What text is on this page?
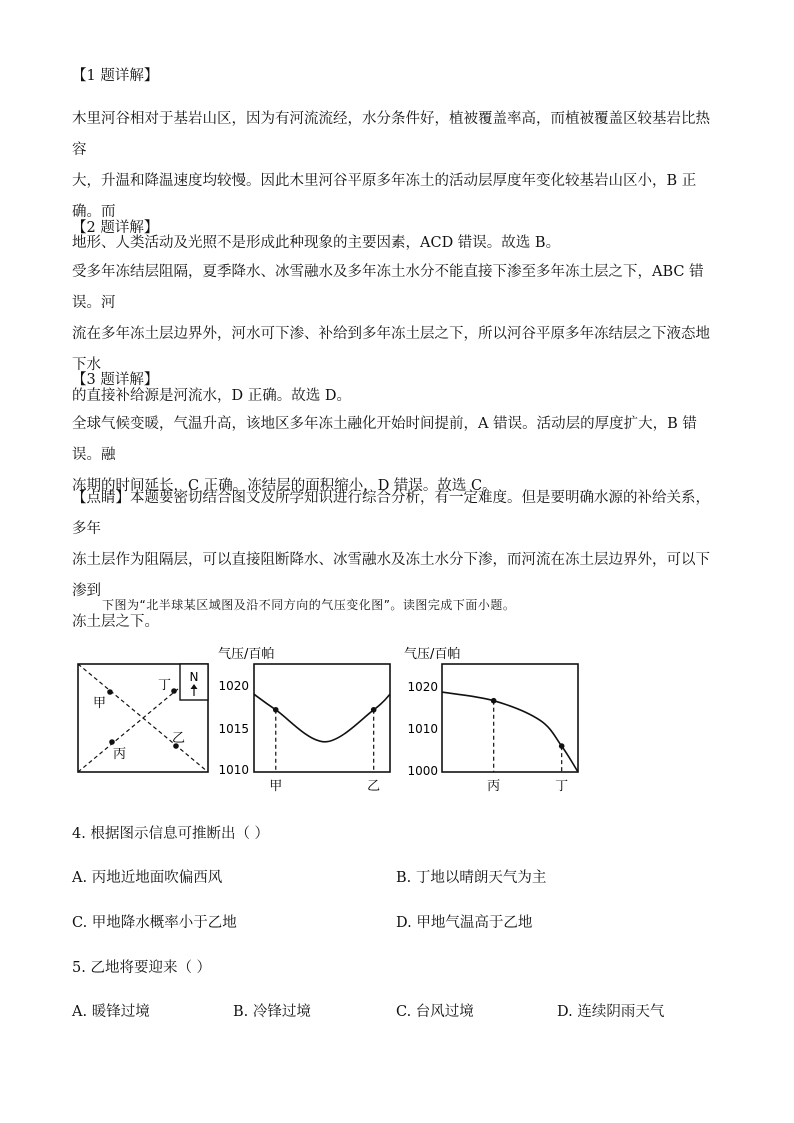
【1 题详解】

木里河谷相对于基岩山区，因为有河流流经，水分条件好，植被覆盖率高，而植被覆盖区较基岩比热容

大，升温和降温速度均较慢。因此木里河谷平原多年冻土的活动层厚度年变化较基岩山区小，B 正确。而

地形、人类活动及光照不是形成此种现象的主要因素，ACD 错误。故选 B。

【2 题详解】

受多年冻结层阻隔，夏季降水、冰雪融水及多年冻土水分不能直接下渗至多年冻土层之下，ABC 错误。河

流在多年冻土层边界外，河水可下渗、补给到多年冻土层之下，所以河谷平原多年冻结层之下液态地下水

的直接补给源是河流水，D 正确。故选 D。

【3 题详解】

全球气候变暖，气温升高，该地区多年冻土融化开始时间提前，A 错误。活动层的厚度扩大，B 错误。融

冻期的时间延长，C 正确。冻结层的面积缩小，D 错误。故选 C。

【点睛】本题要密切结合图文及所学知识进行综合分析，有一定难度。但是要明确水源的补给关系，多年

冻土层作为阻隔层，可以直接阻断降水、冰雪融水及冻土水分下渗，而河流在冻土层边界外，可以下渗到

冻土层之下。

下图为“北半球某区域图及沿不同方向的气压变化图”。读图完成下面小题。
N
甲
乙
丙
丁
气压/百帕
1020
1015
1010
甲	乙
气压/百帕
1020
1010
1000
丙	丁
4. 根据图示信息可推断出（ ）
A. 丙地近地面吹偏西风	B. 丁地以晴朗天气为主
C. 甲地降水概率小于乙地	D. 甲地气温高于乙地
5. 乙地将要迎来（ ）
A. 暖锋过境	B. 冷锋过境	C. 台风过境	D. 连续阴雨天气
